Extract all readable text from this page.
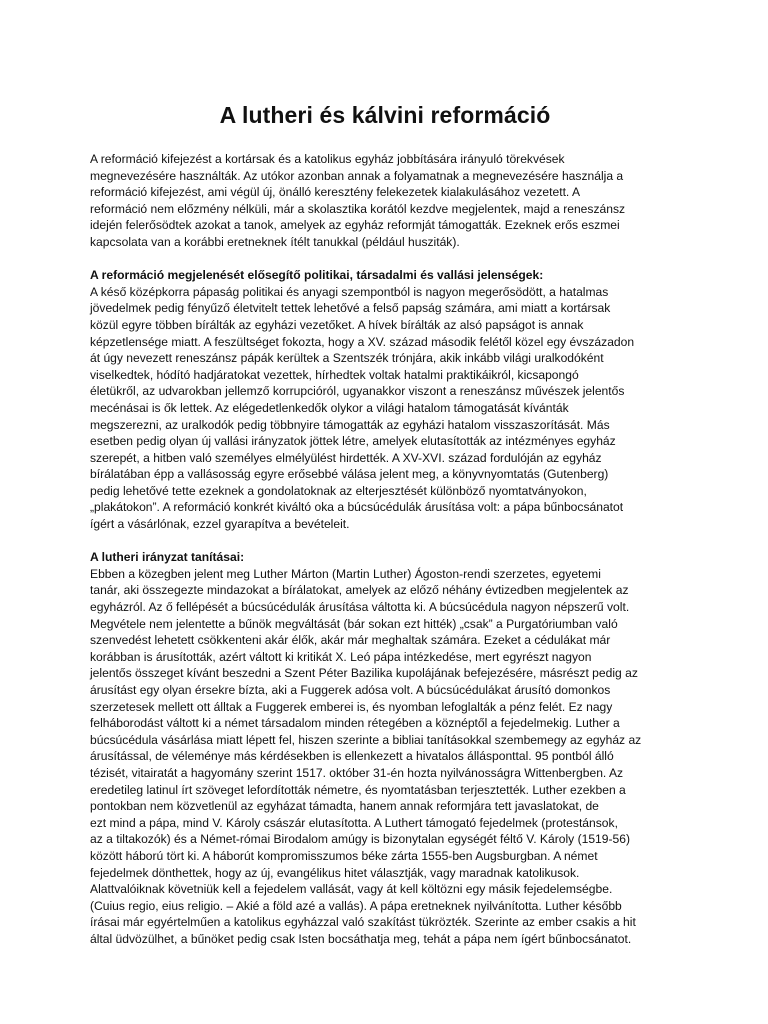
A lutheri és kálvini reformáció

A reformáció kifejezést a kortársak és a katolikus egyház jobbítására irányuló törekvések
megnevezésére használták. Az utókor azonban annak a folyamatnak a megnevezésére használja a
reformáció kifejezést, ami végül új, önálló keresztény felekezetek kialakulásához vezetett. A
reformáció nem előzmény nélküli, már a skolasztika korától kezdve megjelentek, majd a reneszánsz
idején felerősödtek azokat a tanok, amelyek az egyház reformját támogatták. Ezeknek erős eszmei
kapcsolata van a korábbi eretneknek ítélt tanukkal (például husziták).

A reformáció megjelenését elősegítő politikai, társadalmi és vallási jelenségek:
A késő középkorra pápaság politikai és anyagi szempontból is nagyon megerősödött, a hatalmas
jövedelmek pedig fényűző életvitelt tettek lehetővé a felső papság számára, ami miatt a kortársak
közül egyre többen bírálták az egyházi vezetőket. A hívek bírálták az alsó papságot is annak
képzetlensége miatt. A feszültséget fokozta, hogy a XV. század második felétől közel egy évszázadon
át úgy nevezett reneszánsz pápák kerültek a Szentszék trónjára, akik inkább világi uralkodóként
viselkedtek, hódító hadjáratokat vezettek, hírhedtek voltak hatalmi praktikáikról, kicsapongó
életükről, az udvarokban jellemző korrupcióról, ugyanakkor viszont a reneszánsz művészek jelentős
mecénásai is ők lettek. Az elégedetlenkedők olykor a világi hatalom támogatását kívánták
megszerezni, az uralkodók pedig többnyire támogatták az egyházi hatalom visszaszorítását. Más
esetben pedig olyan új vallási irányzatok jöttek létre, amelyek elutasították az intézményes egyház
szerepét, a hitben való személyes elmélyülést hirdették. A XV-XVI. század fordulóján az egyház
bírálatában épp a vallásosság egyre erősebbé válása jelent meg, a könyvnyomtatás (Gutenberg)
pedig lehetővé tette ezeknek a gondolatoknak az elterjesztését különböző nyomtatványokon,
„plakátokon”. A reformáció konkrét kiváltó oka a búcsúcédulák árusítása volt: a pápa bűnbocsánatot
ígért a vásárlónak, ezzel gyarapítva a bevételeit.

A lutheri irányzat tanításai:
Ebben a közegben jelent meg Luther Márton (Martin Luther) Ágoston-rendi szerzetes, egyetemi
tanár, aki összegezte mindazokat a bírálatokat, amelyek az előző néhány évtizedben megjelentek az
egyházról. Az ő fellépését a búcsúcédulák árusítása váltotta ki. A búcsúcédula nagyon népszerű volt.
Megvétele nem jelentette a bűnök megváltását (bár sokan ezt hitték) „csak” a Purgatóriumban való
szenvedést lehetett csökkenteni akár élők, akár már meghaltak számára. Ezeket a cédulákat már
korábban is árusították, azért váltott ki kritikát X. Leó pápa intézkedése, mert egyrészt nagyon
jelentős összeget kívánt beszedni a Szent Péter Bazilika kupolájának befejezésére, másrészt pedig az
árusítást egy olyan érsekre bízta, aki a Fuggerek adósa volt. A búcsúcédulákat árusító domonkos
szerzetesek mellett ott álltak a Fuggerek emberei is, és nyomban lefoglalták a pénz felét. Ez nagy
felháborodást váltott ki a német társadalom minden rétegében a köznéptől a fejedelmekig. Luther a
búcsúcédula vásárlása miatt lépett fel, hiszen szerinte a bibliai tanításokkal szembemegy az egyház az
árusítással, de véleménye más kérdésekben is ellenkezett a hivatalos állásponttal. 95 pontból álló
tézisét, vitairatát a hagyomány szerint 1517. október 31-én hozta nyilvánosságra Wittenbergben. Az
eredetileg latinul írt szöveget lefordították németre, és nyomtatásban terjesztették. Luther ezekben a
pontokban nem közvetlenül az egyházat támadta, hanem annak reformjára tett javaslatokat, de
ezt mind a pápa, mind V. Károly császár elutasította. A Luthert támogató fejedelmek (protestánsok,
az a tiltakozók) és a Német-római Birodalom amúgy is bizonytalan egységét féltő V. Károly (1519-56)
között háború tört ki. A háborút kompromisszumos béke zárta 1555-ben Augsburgban. A német
fejedelmek dönthettek, hogy az új, evangélikus hitet választják, vagy maradnak katolikusok.
Alattvalóiknak követniük kell a fejedelem vallását, vagy át kell költözni egy másik fejedelemségbe.
(Cuius regio, eius religio. – Akié a föld azé a vallás). A pápa eretneknek nyilvánította. Luther később
írásai már egyértelműen a katolikus egyházzal való szakítást tükrözték. Szerinte az ember csakis a hit
által üdvözülhet, a bűnöket pedig csak Isten bocsáthatja meg, tehát a pápa nem ígért bűnbocsánatot.
